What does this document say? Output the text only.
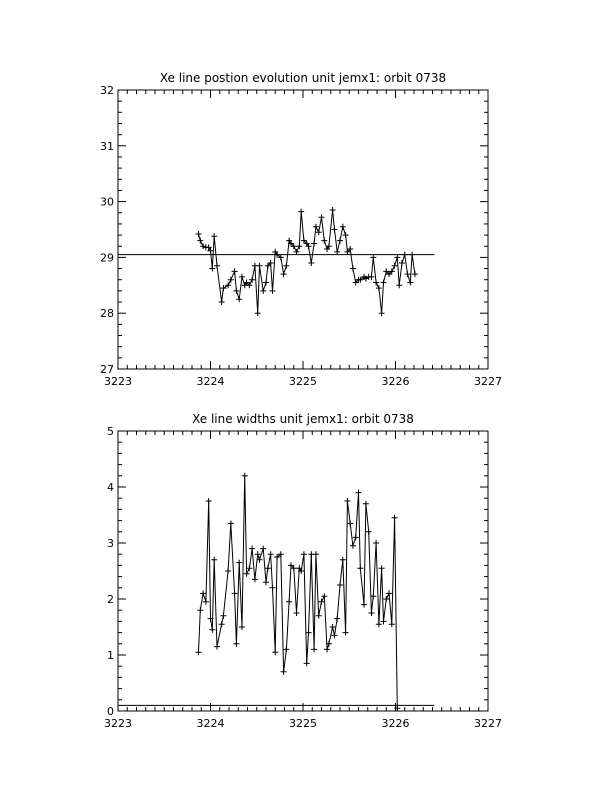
Xe line postion evolution unit jemx1: orbit 0738
3223	3224	3225	3226	3227
27
28
29
30
31
32
Xe line widths unit jemx1: orbit 0738
3223	3224	3225	3226	3227
0
1
2
3
4
5
